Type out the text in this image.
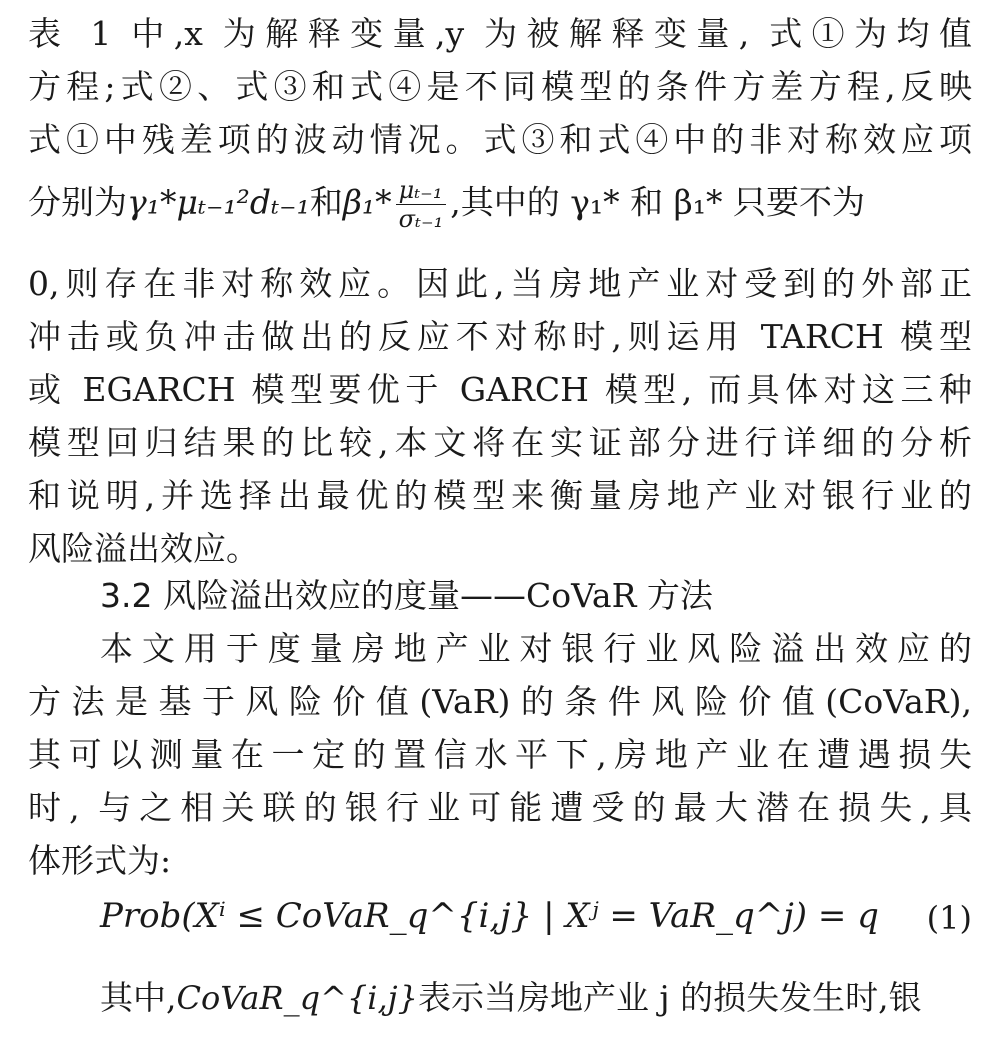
表 1 中,x 为解释变量,y 为被解释变量, 式①为均值
方程;式②、式③和式④是不同模型的条件方差方程,反映
式①中残差项的波动情况。式③和式④中的非对称效应项
分别为γ₁*μₜ₋₁²dₜ₋₁和$\beta_1* \frac{\text{μₜ₋₁}}{\text{σₜ₋₁}}$ ,其中的 γ₁* 和 β₁* 只要不为
0,则存在非对称效应。因此,当房地产业对受到的外部正
冲击或负冲击做出的反应不对称时,则运用 TARCH 模型
或 EGARCH 模型要优于 GARCH 模型, 而具体对这三种
模型回归结果的比较,本文将在实证部分进行详细的分析
和说明,并选择出最优的模型来衡量房地产业对银行业的
风险溢出效应。
3.2 风险溢出效应的度量——CoVaR 方法
本文用于度量房地产业对银行业风险溢出效应的
方法是基于风险价值(VaR)的条件风险价值(CoVaR),
其可以测量在一定的置信水平下,房地产业在遭遇损失
时, 与之相关联的银行业可能遭受的最大潜在损失,具
体形式为:
Prob(Xⁱ ≤ CoVaR_q^{i,j} | Xʲ = VaR_q^j) = q (1)
其中,CoVaR_q^{i,j}表示当房地产业 j 的损失发生时,银
